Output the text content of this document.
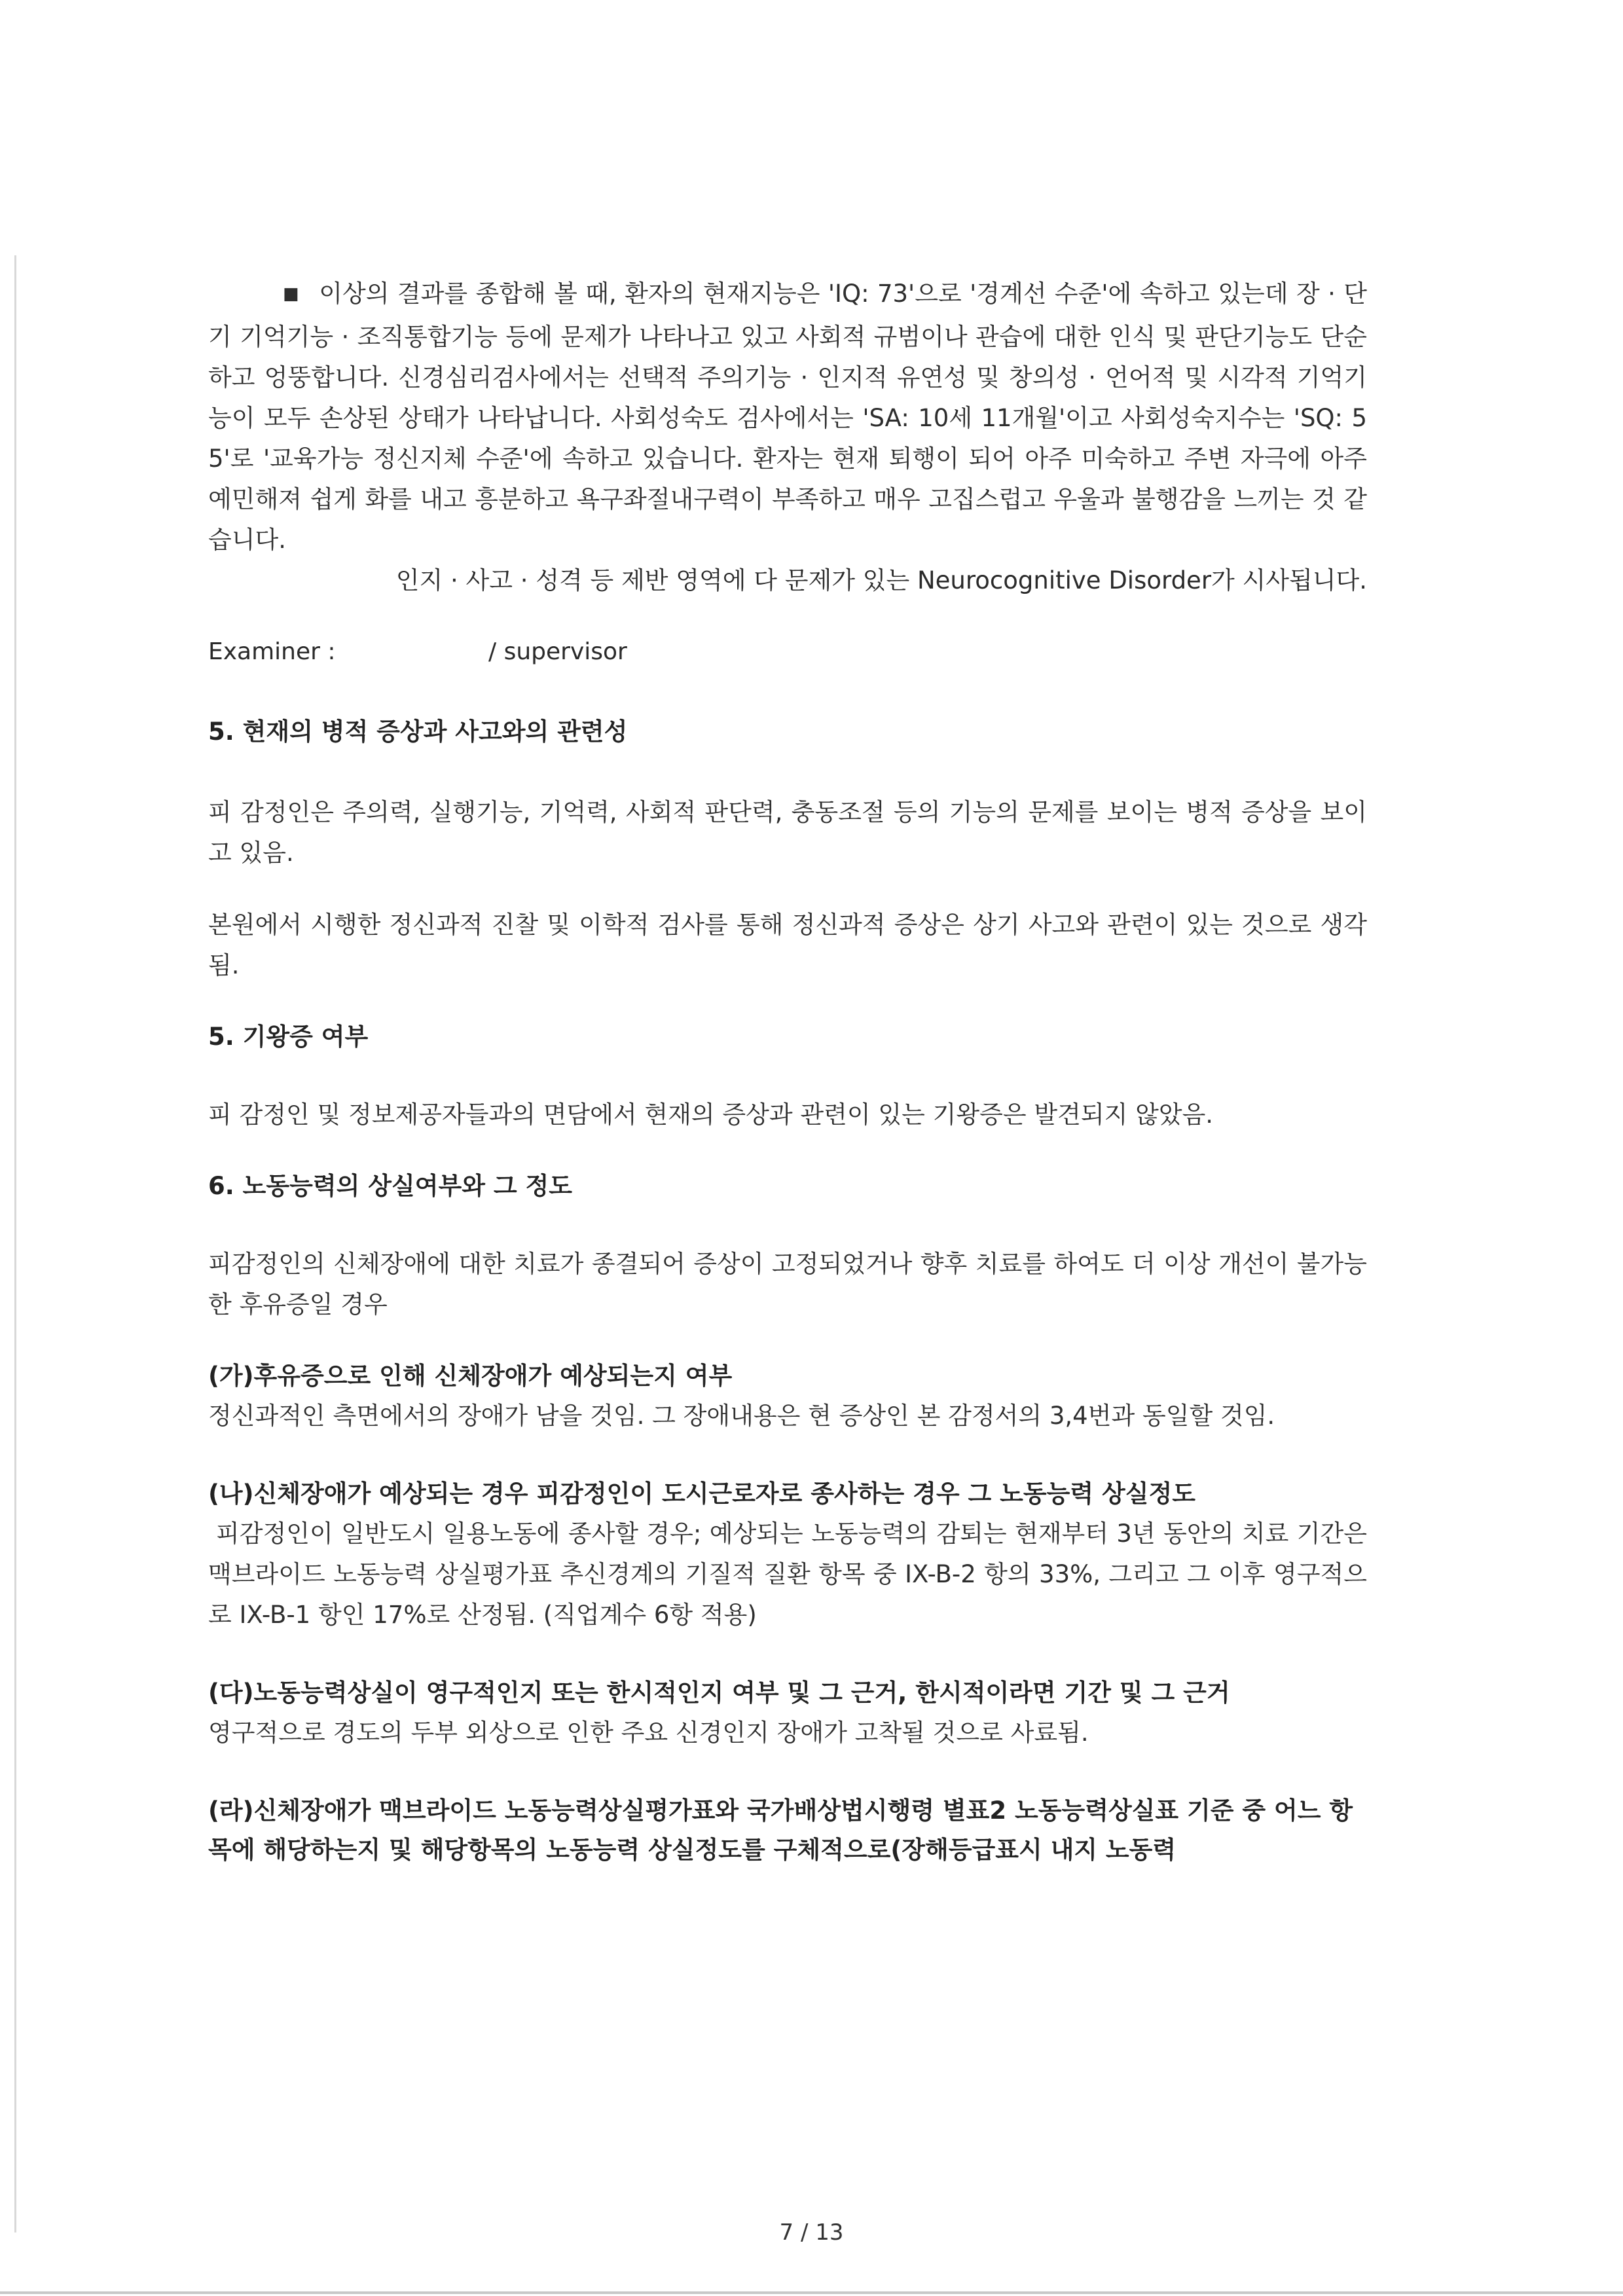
■ 이상의 결과를 종합해 볼 때, 환자의 현재지능은 'IQ: 73'으로 '경계선 수준'에 속하고 있는데 장 · 단기 기억기능 · 조직통합기능 등에 문제가 나타나고 있고 사회적 규범이나 관습에 대한 인식 및 판단기능도 단순하고 엉뚱합니다. 신경심리검사에서는 선택적 주의기능 · 인지적 유연성 및 창의성 · 언어적 및 시각적 기억기능이 모두 손상된 상태가 나타납니다. 사회성숙도 검사에서는 'SA: 10세 11개월'이고 사회성숙지수는 'SQ: 55'로 '교육가능 정신지체 수준'에 속하고 있습니다. 환자는 현재 퇴행이 되어 아주 미숙하고 주변 자극에 아주 예민해져 쉽게 화를 내고 흥분하고 욕구좌절내구력이 부족하고 매우 고집스럽고 우울과 불행감을 느끼는 것 같습니다.

인지 · 사고 · 성격 등 제반 영역에 다 문제가 있는 Neurocognitive Disorder가 시사됩니다.

Examiner :	/ supervisor
5. 현재의 병적 증상과 사고와의 관련성

피 감정인은 주의력, 실행기능, 기억력, 사회적 판단력, 충동조절 등의 기능의 문제를 보이는 병적 증상을 보이고 있음.

본원에서 시행한 정신과적 진찰 및 이학적 검사를 통해 정신과적 증상은 상기 사고와 관련이 있는 것으로 생각됨.

5. 기왕증 여부

피 감정인 및 정보제공자들과의 면담에서 현재의 증상과 관련이 있는 기왕증은 발견되지 않았음.

6. 노동능력의 상실여부와 그 정도

피감정인의 신체장애에 대한 치료가 종결되어 증상이 고정되었거나 향후 치료를 하여도 더 이상 개선이 불가능한 후유증일 경우

(가)후유증으로 인해 신체장애가 예상되는지 여부

정신과적인 측면에서의 장애가 남을 것임. 그 장애내용은 현 증상인 본 감정서의 3,4번과 동일할 것임.

(나)신체장애가 예상되는 경우 피감정인이 도시근로자로 종사하는 경우 그 노동능력 상실정도

피감정인이 일반도시 일용노동에 종사할 경우; 예상되는 노동능력의 감퇴는 현재부터 3년 동안의 치료 기간은 맥브라이드 노동능력 상실평가표 추신경계의 기질적 질환 항목 중 IX-B-2 항의 33%, 그리고 그 이후 영구적으로 IX-B-1 항인 17%로 산정됨. (직업계수 6항 적용)

(다)노동능력상실이 영구적인지 또는 한시적인지 여부 및 그 근거, 한시적이라면 기간 및 그 근거

영구적으로 경도의 두부 외상으로 인한 주요 신경인지 장애가 고착될 것으로 사료됨.

(라)신체장애가 맥브라이드 노동능력상실평가표와 국가배상법시행령 별표2 노동능력상실표 기준 중 어느 항목에 해당하는지 및 해당항목의 노동능력 상실정도를 구체적으로(장해등급표시 내지 노동력
7 / 13
